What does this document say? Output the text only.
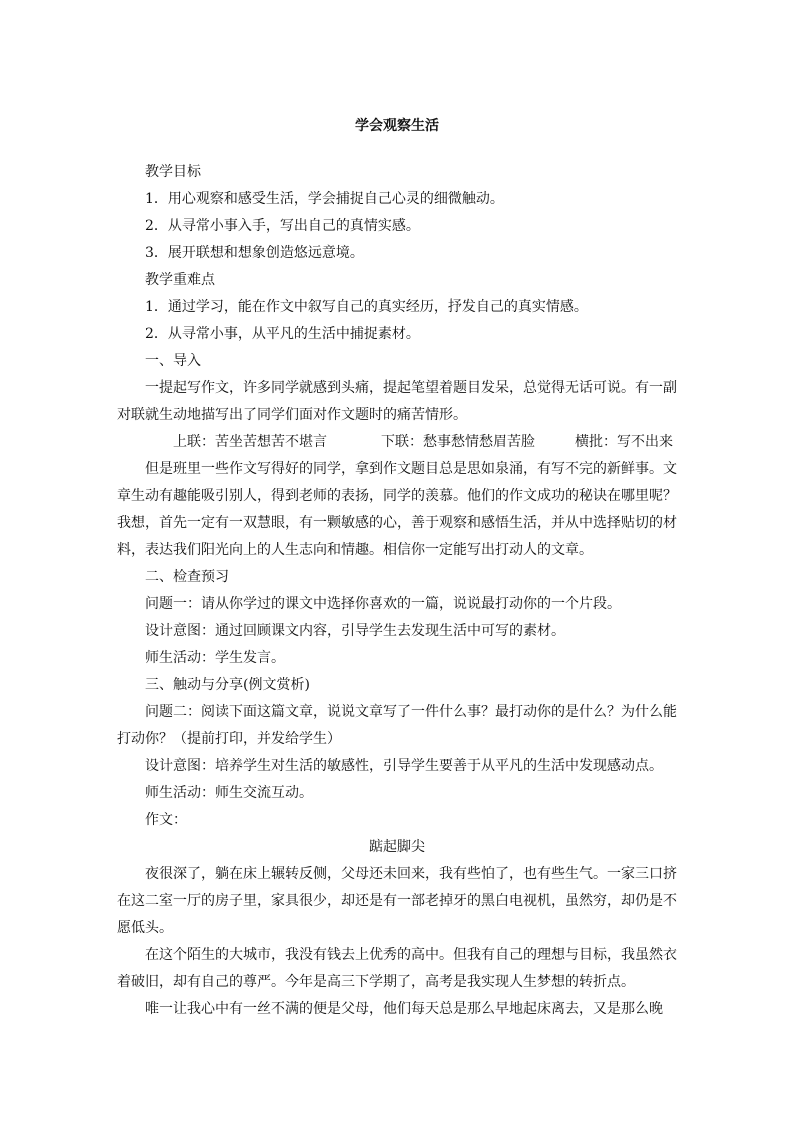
学会观察生活

教学目标

1．用心观察和感受生活，学会捕捉自己心灵的细微触动。

2．从寻常小事入手，写出自己的真情实感。

3．展开联想和想象创造悠远意境。

教学重难点

1．通过学习，能在作文中叙写自己的真实经历，抒发自己的真实情感。

2．从寻常小事，从平凡的生活中捕捉素材。

一、导入

一提起写作文，许多同学就感到头痛，提起笔望着题目发呆，总觉得无话可说。有一副对联就生动地描写出了同学们面对作文题时的痛苦情形。

上联：苦坐苦想苦不堪言	下联：愁事愁情愁眉苦脸	横批：写不出来

但是班里一些作文写得好的同学，拿到作文题目总是思如泉涌，有写不完的新鲜事。文章生动有趣能吸引别人，得到老师的表扬，同学的羡慕。他们的作文成功的秘诀在哪里呢？我想，首先一定有一双慧眼，有一颗敏感的心，善于观察和感悟生活，并从中选择贴切的材料，表达我们阳光向上的人生志向和情趣。相信你一定能写出打动人的文章。

二、检查预习

问题一：请从你学过的课文中选择你喜欢的一篇，说说最打动你的一个片段。

设计意图：通过回顾课文内容，引导学生去发现生活中可写的素材。

师生活动：学生发言。

三、触动与分享(例文赏析)

问题二：阅读下面这篇文章，说说文章写了一件什么事？最打动你的是什么？为什么能打动你？（提前打印，并发给学生）

设计意图：培养学生对生活的敏感性，引导学生要善于从平凡的生活中发现感动点。

师生活动：师生交流互动。

作文：

踮起脚尖

夜很深了，躺在床上辗转反侧，父母还未回来，我有些怕了，也有些生气。一家三口挤在这二室一厅的房子里，家具很少，却还是有一部老掉牙的黑白电视机，虽然穷，却仍是不愿低头。

在这个陌生的大城市，我没有钱去上优秀的高中。但我有自己的理想与目标，我虽然衣着破旧，却有自己的尊严。今年是高三下学期了，高考是我实现人生梦想的转折点。

唯一让我心中有一丝不满的便是父母，他们每天总是那么早地起床离去，又是那么晚
